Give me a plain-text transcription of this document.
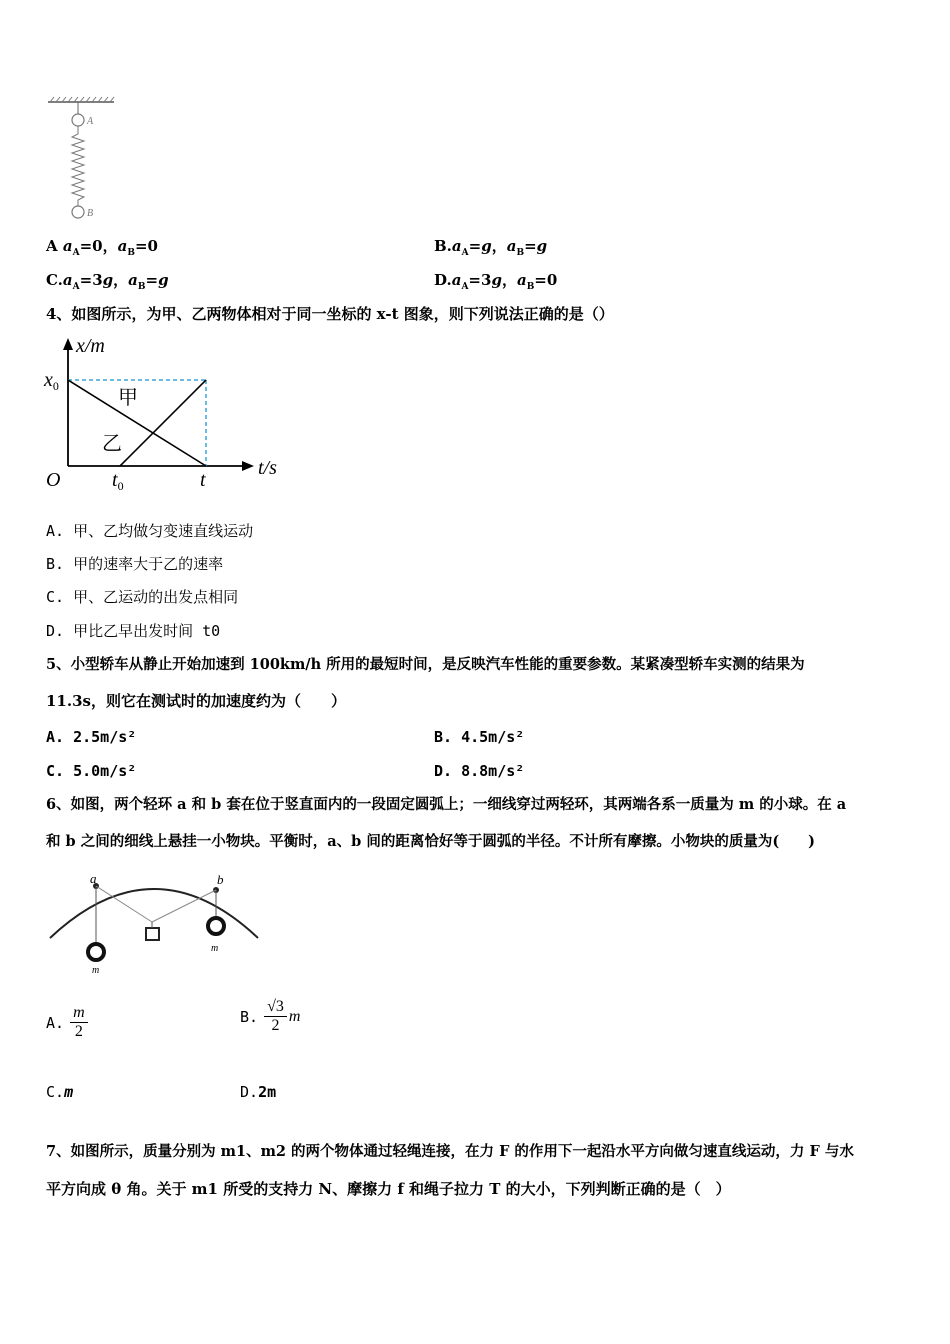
A
B
A $a_A=0$，$a_B=0$	$B.a_A=g$，$a_B=g$
$C.a_A=3g$，$a_B=g$	$D.a_A=3g$，$a_B=0$
4、如图所示，为甲、乙两物体相对于同一坐标的 x-t 图象，则下列说法正确的是（）
x/m
t/s
O
$x_0$
$t_0$	t
甲
乙
A. 甲、乙均做匀变速直线运动
B. 甲的速率大于乙的速率
C. 甲、乙运动的出发点相同
D. 甲比乙早出发时间 t0
5、小型轿车从静止开始加速到 100km/h 所用的最短时间，是反映汽车性能的重要参数。某紧凑型轿车实测的结果为
11.3s，则它在测试时的加速度约为（　　）
A. 2.5m/s²	B. 4.5m/s²
C. 5.0m/s²	D. 8.8m/s²
6、如图，两个轻环 a 和 b 套在位于竖直面内的一段固定圆弧上；一细线穿过两轻环，其两端各系一质量为 m 的小球。在 a
和 b 之间的细线上悬挂一小物块。平衡时，a、b 间的距离恰好等于圆弧的半径。不计所有摩擦。小物块的质量为(　　)
a	b
m
m
A. $\frac{m}{2}$	B. $\frac{√3}{2}$ m
C.m	D.2m
7、如图所示，质量分别为 m1、m2 的两个物体通过轻绳连接，在力 F 的作用下一起沿水平方向做匀速直线运动，力 F 与水
平方向成 θ 角。关于 m1 所受的支持力 N、摩擦力 f 和绳子拉力 T 的大小，下列判断正确的是（　）
